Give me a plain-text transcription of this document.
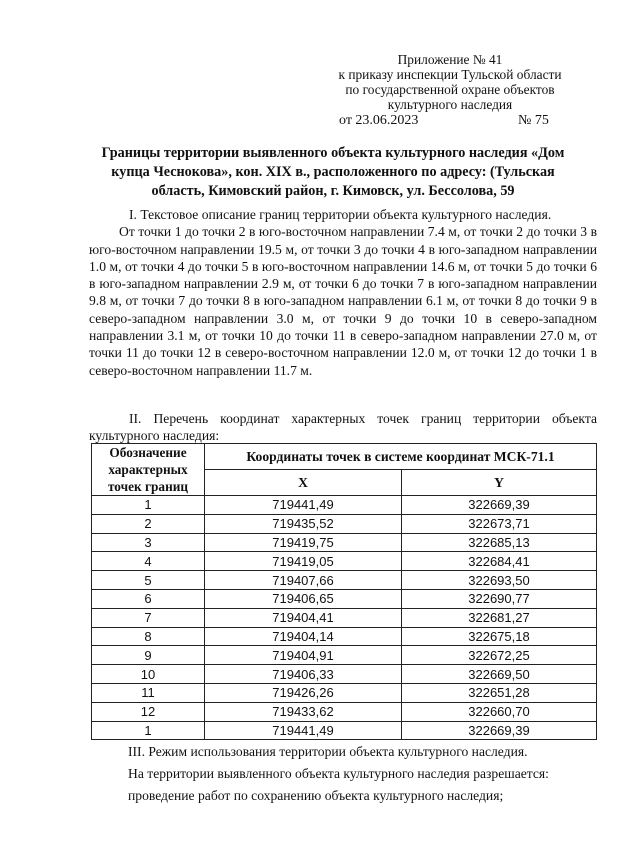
Приложение № 41
к приказу инспекции Тульской области
по государственной охране объектов
культурного наследия
от 23.06.2023	№ 75
Границы территории выявленного объекта культурного наследия «Дом
купца Чеснокова», кон. XIX в., расположенного по адресу: (Тульская
область, Кимовский район, г. Кимовск, ул. Бессолова, 59
I. Текстовое описание границ территории объекта культурного наследия.
От точки 1 до точки 2 в юго-восточном направлении 7.4 м, от точки 2 до точки 3 в юго-восточном направлении 19.5 м, от точки 3 до точки 4 в юго-западном направлении 1.0 м, от точки 4 до точки 5 в юго-восточном направлении 14.6 м, от точки 5 до точки 6 в юго-западном направлении 2.9 м, от точки 6 до точки 7 в юго-западном направлении 9.8 м, от точки 7 до точки 8 в юго-западном направлении 6.1 м, от точки 8 до точки 9 в северо-западном направлении 3.0 м, от точки 9 до точки 10 в северо-западном направлении 3.1 м, от точки 10 до точки 11 в северо-западном направлении 27.0 м, от точки 11 до точки 12 в северо-восточном направлении 12.0 м, от точки 12 до точки 1 в северо-восточном направлении 11.7 м.
II. Перечень координат характерных точек границ территории объекта культурного наследия:
Обозначение характерных точек границ	Координаты точек в системе координат МСК-71.1	
	X	Y
1	719441,49	322669,39
2	719435,52	322673,71
3	719419,75	322685,13
4	719419,05	322684,41
5	719407,66	322693,50
6	719406,65	322690,77
7	719404,41	322681,27
8	719404,14	322675,18
9	719404,91	322672,25
10	719406,33	322669,50
11	719426,26	322651,28
12	719433,62	322660,70
1	719441,49	322669,39
III. Режим использования территории объекта культурного наследия.
На территории выявленного объекта культурного наследия разрешается:
проведение работ по сохранению объекта культурного наследия;
